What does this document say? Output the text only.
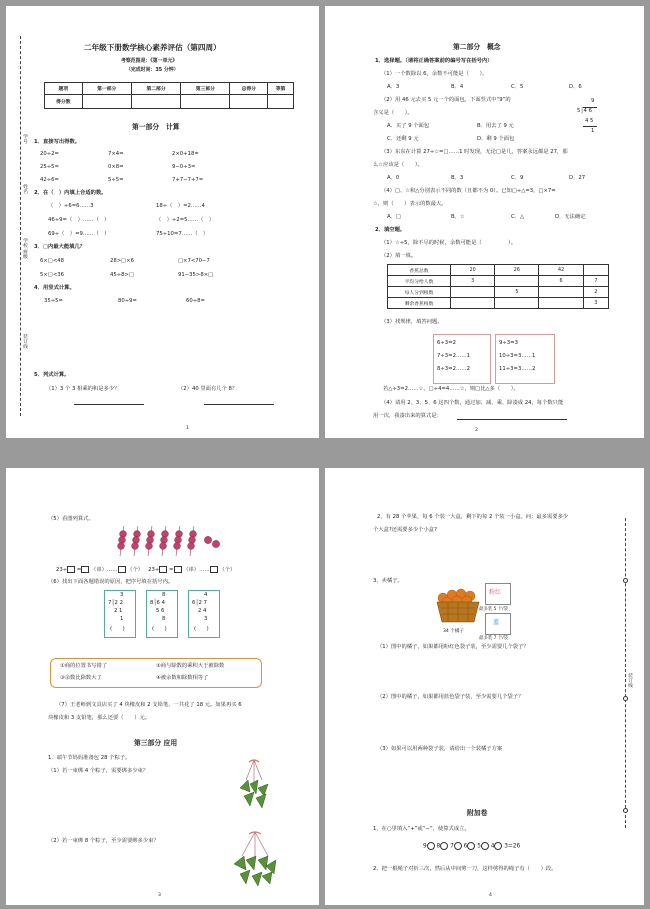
学号
姓名
学校 班级
装订线
二年级下册数学核心素养评估（第四周）
考察范围是：《第一单元》
（完成时间：35 分钟）
题项	第一部分	第二部分	第三部分	总得分	等第
得分数					
第一部分　计算
1．直接写出得数。
20÷2=	7×4=	2×0+18=
25÷5=	0×8=	9−0÷3=
42÷6=	5÷5=	7+7−7+7=
2．在（　）内填上合适的数。
（　）÷6=6……3	18÷（　）=2……4
46÷9=（　）……（　）	（　）÷2=5……（　）
69÷（　）=9……（　）	75÷10=7……（　）
3．□内最大能填几？
6×□<48	28>□×6	□×7<70−7
5×□<36	45÷8>□	91−35>8×□
4．用竖式计算。
35÷5=	80÷9=	60÷8=
5．列式计算。
（1）3 个 3 相乘的积是多少？	（2）40 里面有几个 8？
1
第二部分　概念
1．选择题。（请将正确答案前的编号写在括号内）
（1）一个数除以 6，余数不可能是（　　）。
A．3	B．4	C．5	D．6
（2）用 46 元去买 5 元一个的面包，下面竖式中“9”的
含义是（　　）。
9
5│4 6
4 5
1
A．买了 9 个面包	B．用去了 9 元
C．还剩 9 元	D．剩 9 个面包
（3）东东在计算 27÷☆=□……1 时发现，无论□是几，答案永远都是 27，那
么☆应该是（　　）。
A．0	B．3	C．9	D．27
（4）□、☆和△分别表示不同的数（且都不为 0）。已知□÷△=3，□×7=
☆，则（　　）表示的数最大。
A．□	B．☆	C．△	D．无法确定
2．填空题。
（1）☆÷5，除不尽的时候，余数可能是（　　　　　）。
（2）填一填。
香蕉总数	20	26	42	
平均分给人数	3		6	7
每人分到根数		5		2
剩余香蕉根数				3
（3）找规律，填答问题。
6÷3=2
7÷3=2……1
8÷3=2……2
9÷3=3
10÷3=3……1
11÷3=3……2
若△÷3=2……☆，□÷4=4……☆，则□比△多（　　）。
（4）请用 2、3、5、6 这四个数，通过加、减、乘、除凑成 24，每个数只能
用一次，我凑出来的算式是：
2
（5）看图列算式。
23÷ = （串）…… （个） 23÷ = （串）…… （个）
（6）找出下面各题错误的原因，把序号填在括号内。
3
7│2 2
2 1
1
(　　)
8
8│6 4
5 6
8
(　　)
4
6│2 7
2 4
3
(　　)
①商的位置书写错了	②商与除数的乘积大于被除数
③余数比除数大了	④被余数和除数相等了
（7）王老师到文具店买了 4 块橡皮和 2 支铅笔，一共花了 18 元。如果再买 6
块橡皮和 3 支铅笔，那么还要（　　）元。
第三部分 应用
1．端午节妈妈准备包 28 个粽子。
（1）若一束绑 4 个粽子，需要绑多少束？
（2）若一束绑 8 个粽子，至少需要绑多少束？
3
装订线
2、有 28 个苹果，每 6 个装一大盒，剩下的每 2 个装一小盒。问：最多需要多少
个大盒?还需要多少个小盒?
3、卖橘子。
34 个橘子
粉红
最多装 5 个/袋
蓝
最多装 7 个/袋
（1）图中的橘子，如果都用粉红色袋子装，至少需要几个袋子？
（2）图中的橘子，如果都用蓝色袋子装，至少需要几个袋子？
（3）如果可以用两种袋子装，请给出一个装橘子方案
附加卷
1、在○里填入“+”或“−”，使算式成立。
9 8 7 6 5 4 3=26
2、把一根绳子对折三次，然后从中间剪一刀，这样剪得的绳子有（　　）段。
4
